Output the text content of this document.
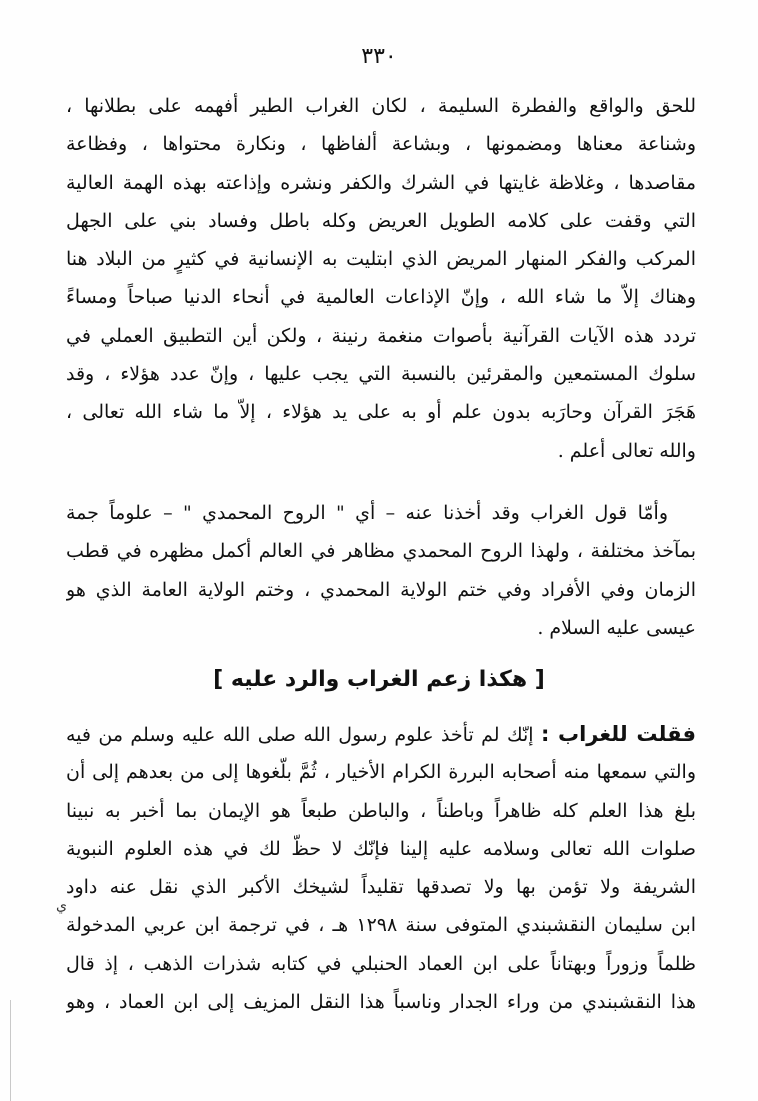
٣٣٠
للحق والواقع والفطرة السليمة ، لكان الغراب الطير أفهمه على بطلانها ،
وشناعة معناها ومضمونها ، وبشاعة ألفاظها ، ونكارة محتواها ، وفظاعة
مقاصدها ، وغلاظة غايتها في الشرك والكفر ونشره وإذاعته بهذه الهمة العالية
التي وقفت على كلامه الطويل العريض وكله باطل وفساد بني على الجهل
المركب والفكر المنهار المريض الذي ابتليت به الإنسانية في كثيرٍ من البلاد هنا
وهناك إلاّ ما شاء الله ، وإنّ الإذاعات العالمية في أنحاء الدنيا صباحاً ومساءً
تردد هذه الآيات القرآنية بأصوات منغمة رنينة ، ولكن أين التطبيق العملي في
سلوك المستمعين والمقرئين بالنسبة التي يجب عليها ، وإنّ عدد هؤلاء ، وقد
هَجَرَ القرآن وحارَبه بدون علم أو به على يد هؤلاء ، إلاّ ما شاء الله تعالى ،
والله تعالى أعلم .
وأمّا قول الغراب وقد أخذنا عنه – أي " الروح المحمدي " – علوماً جمة
بمآخذ مختلفة ، ولهذا الروح المحمدي مظاهر في العالم أكمل مظهره في قطب
الزمان وفي الأفراد وفي ختم الولاية المحمدي ، وختم الولاية العامة الذي هو
عيسى عليه السلام .
[ هكذا زعم الغراب والرد عليه ]
فقلت للغراب : إنّك لم تأخذ علوم رسول الله صلى الله عليه وسلم من فيه
والتي سمعها منه أصحابه البررة الكرام الأخيار ، ثُمَّ بلّغوها إلى من بعدهم إلى أن
بلغ هذا العلم كله ظاهراً وباطناً ، والباطن طبعاً هو الإيمان بما أخبر به نبينا
صلوات الله تعالى وسلامه عليه إلينا فإنّك لا حظّ لك في هذه العلوم النبوية
الشريفة ولا تؤمن بها ولا تصدقها تقليداً لشيخك الأكبر الذي نقل عنه داود
ابن سليمان النقشبندي المتوفى سنة ١٢٩٨ هـ ، في ترجمة ابن عربي المدخولة
ظلماً وزوراً وبهتاناً على ابن العماد الحنبلي في كتابه شذرات الذهب ، إذ قال
هذا النقشبندي من وراء الجدار وناسباً هذا النقل المزيف إلى ابن العماد ، وهو
ي
